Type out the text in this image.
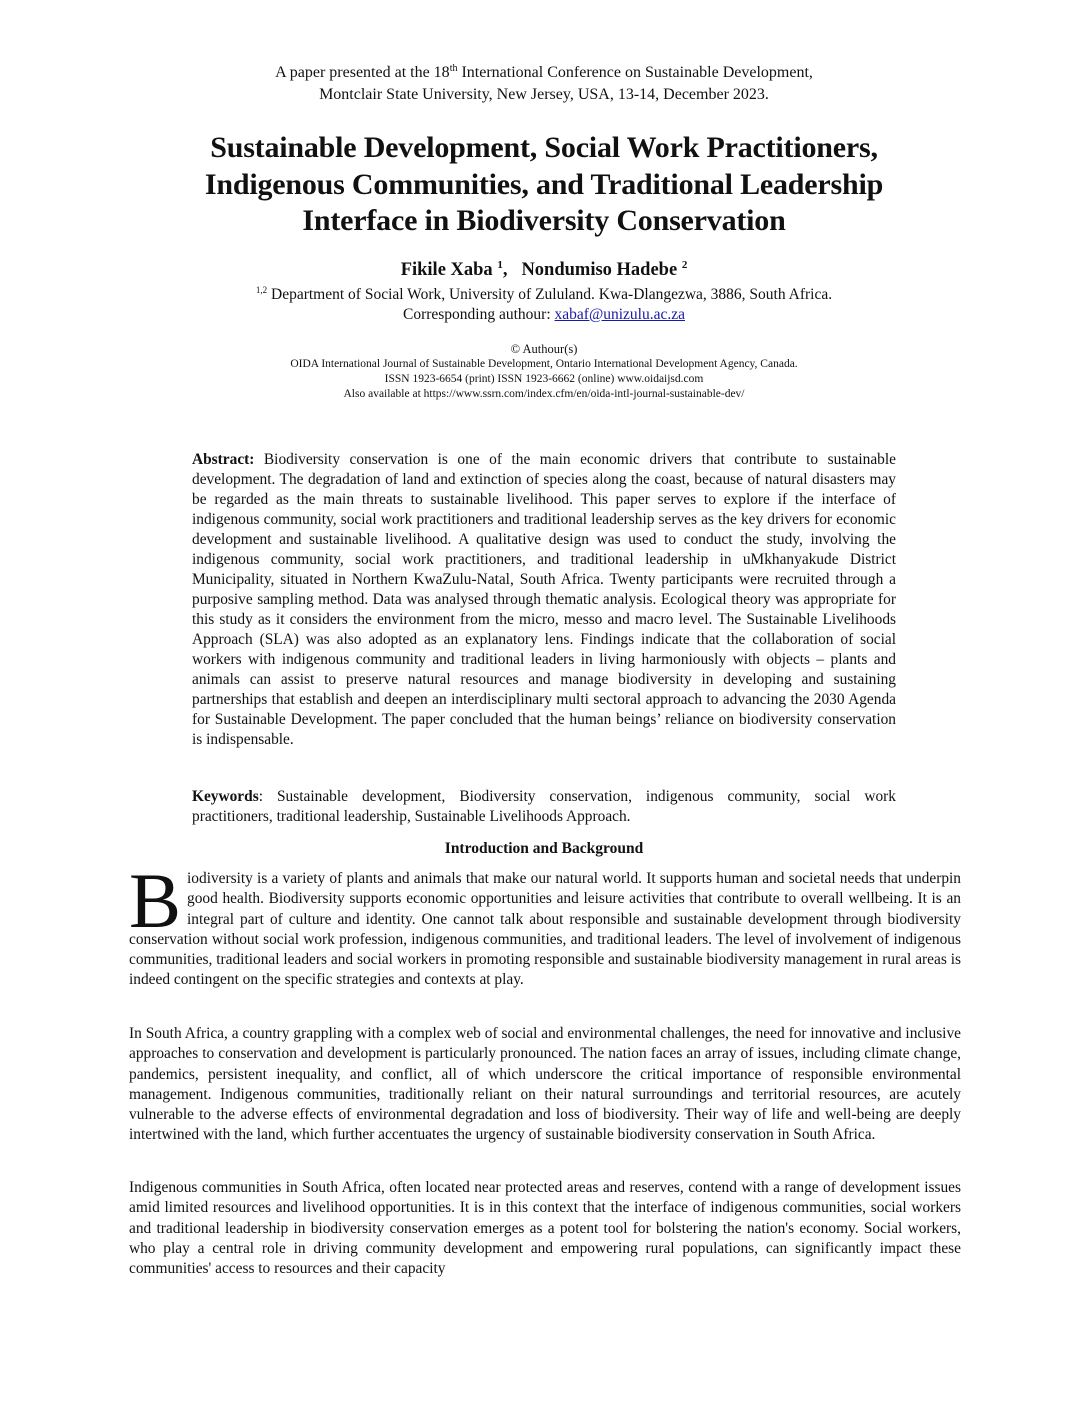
A paper presented at the 18th International Conference on Sustainable Development,
Montclair State University, New Jersey, USA, 13-14, December 2023.
Sustainable Development, Social Work Practitioners,
Indigenous Communities, and Traditional Leadership
Interface in Biodiversity Conservation
Fikile Xaba $^1$, Nondumiso Hadebe $^2$
$^{1,2}$ Department of Social Work, University of Zululand. Kwa-Dlangezwa, 3886, South Africa.
Corresponding authour: xabaf@unizulu.ac.za
© Authour(s)
OIDA International Journal of Sustainable Development, Ontario International Development Agency, Canada.
ISSN 1923-6654 (print) ISSN 1923-6662 (online) www.oidaijsd.com
Also available at https://www.ssrn.com/index.cfm/en/oida-intl-journal-sustainable-dev/

Abstract: Biodiversity conservation is one of the main economic drivers that contribute to sustainable development. The degradation of land and extinction of species along the coast, because of natural disasters may be regarded as the main threats to sustainable livelihood. This paper serves to explore if the interface of indigenous community, social work practitioners and traditional leadership serves as the key drivers for economic development and sustainable livelihood. A qualitative design was used to conduct the study, involving the indigenous community, social work practitioners, and traditional leadership in uMkhanyakude District Municipality, situated in Northern KwaZulu-Natal, South Africa. Twenty participants were recruited through a purposive sampling method. Data was analysed through thematic analysis. Ecological theory was appropriate for this study as it considers the environment from the micro, messo and macro level. The Sustainable Livelihoods Approach (SLA) was also adopted as an explanatory lens. Findings indicate that the collaboration of social workers with indigenous community and traditional leaders in living harmoniously with objects – plants and animals can assist to preserve natural resources and manage biodiversity in developing and sustaining partnerships that establish and deepen an interdisciplinary multi sectoral approach to advancing the 2030 Agenda for Sustainable Development. The paper concluded that the human beings’ reliance on biodiversity conservation is indispensable.

Keywords: Sustainable development, Biodiversity conservation, indigenous community, social work practitioners, traditional leadership, Sustainable Livelihoods Approach.

Introduction and Background

Biodiversity is a variety of plants and animals that make our natural world. It supports human and societal needs that underpin good health. Biodiversity supports economic opportunities and leisure activities that contribute to overall wellbeing. It is an integral part of culture and identity. One cannot talk about responsible and sustainable development through biodiversity conservation without social work profession, indigenous communities, and traditional leaders. The level of involvement of indigenous communities, traditional leaders and social workers in promoting responsible and sustainable biodiversity management in rural areas is indeed contingent on the specific strategies and contexts at play.

In South Africa, a country grappling with a complex web of social and environmental challenges, the need for innovative and inclusive approaches to conservation and development is particularly pronounced. The nation faces an array of issues, including climate change, pandemics, persistent inequality, and conflict, all of which underscore the critical importance of responsible environmental management. Indigenous communities, traditionally reliant on their natural surroundings and territorial resources, are acutely vulnerable to the adverse effects of environmental degradation and loss of biodiversity. Their way of life and well-being are deeply intertwined with the land, which further accentuates the urgency of sustainable biodiversity conservation in South Africa.

Indigenous communities in South Africa, often located near protected areas and reserves, contend with a range of development issues amid limited resources and livelihood opportunities. It is in this context that the interface of indigenous communities, social workers and traditional leadership in biodiversity conservation emerges as a potent tool for bolstering the nation's economy. Social workers, who play a central role in driving community development and empowering rural populations, can significantly impact these communities' access to resources and their capacity
